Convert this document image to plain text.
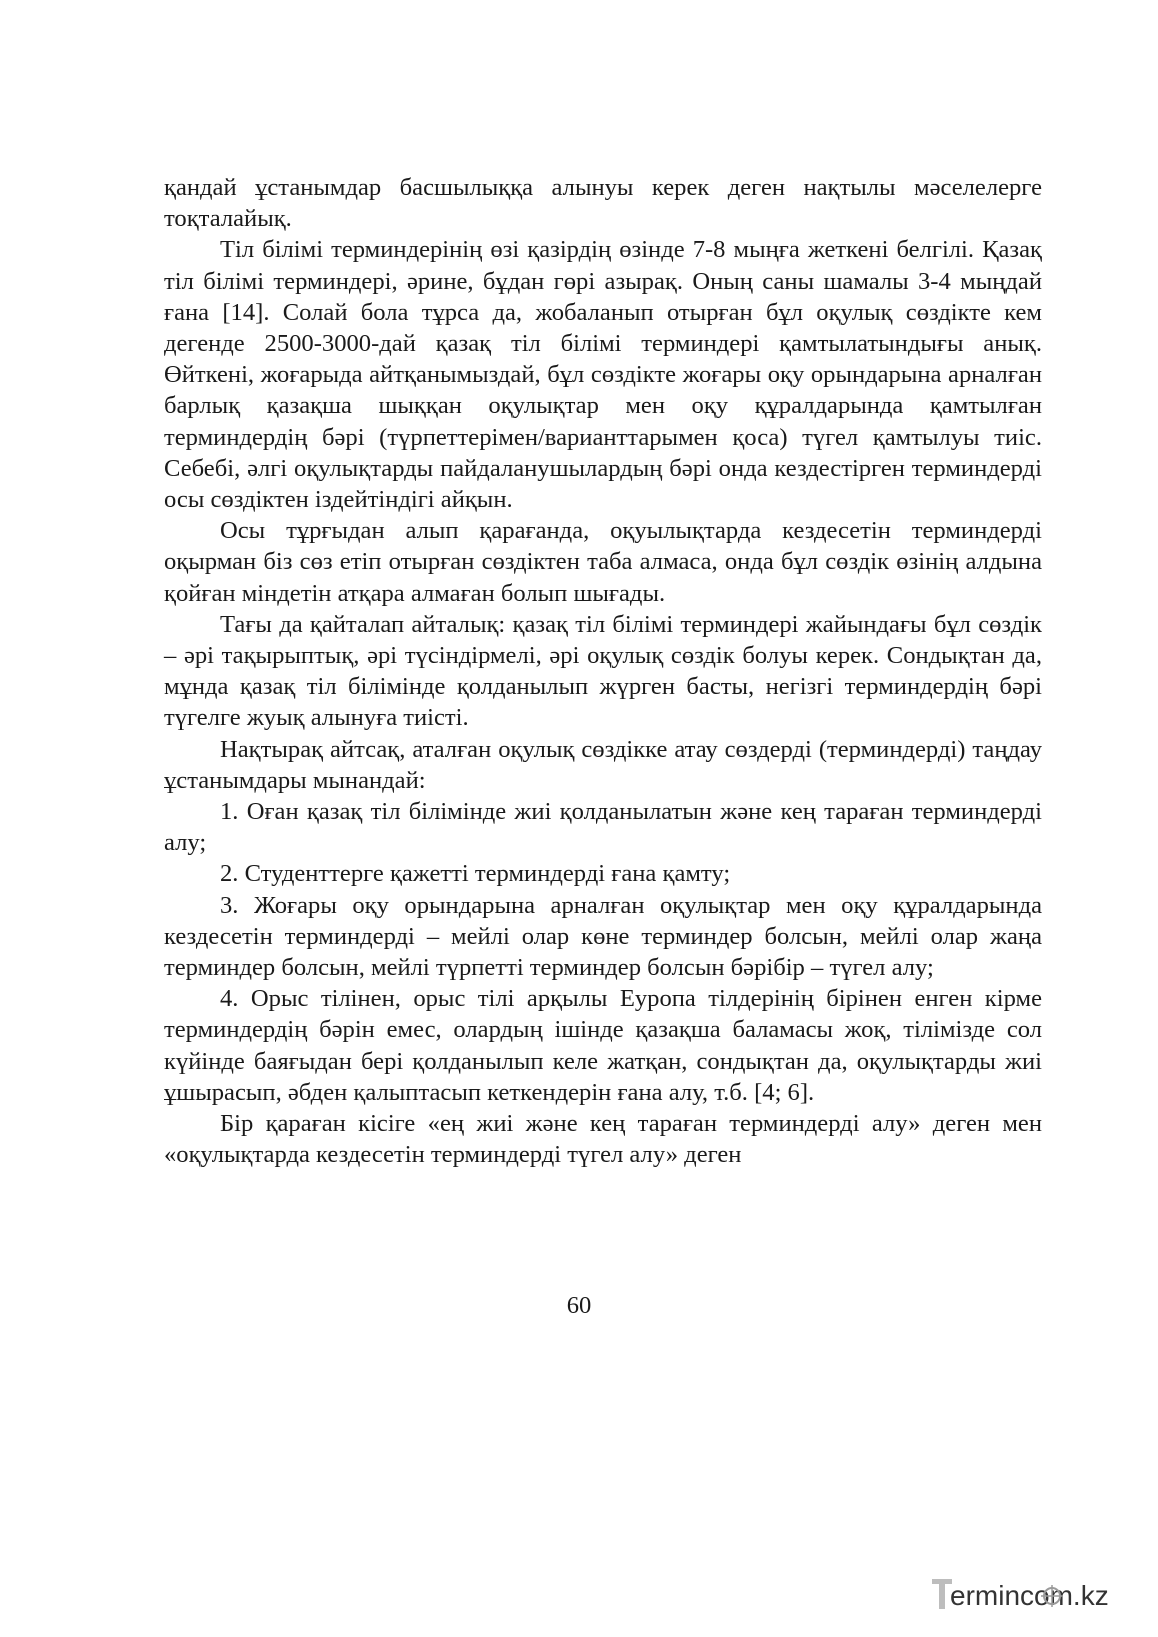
қандай ұстанымдар басшылыққа алынуы керек деген нақтылы мәселелерге тоқталайық.

Тіл білімі терминдерінің өзі қазірдің өзінде 7-8 мыңға жеткені белгілі. Қазақ тіл білімі терминдері, әрине, бұдан гөрі азырақ. Оның саны шамалы 3-4 мыңдай ғана [14]. Солай бола тұрса да, жобаланып отырған бұл оқулық сөздікте кем дегенде 2500-3000-дай қазақ тіл білімі терминдері қамтылатындығы анық. Өйткені, жоғарыда айтқанымыздай, бұл сөздікте жоғары оқу орындарына арналған барлық қазақша шыққан оқулықтар мен оқу құралдарында қамтылған терминдердің бәрі (түрпеттерімен/варианттарымен қоса) түгел қамтылуы тиіс. Себебі, әлгі оқулықтарды пайдаланушылардың бәрі онда кездестірген терминдерді осы сөздіктен іздейтіндігі айқын.

Осы тұрғыдан алып қарағанда, оқуылықтарда кездесетін терминдерді оқырман біз сөз етіп отырған сөздіктен таба алмаса, онда бұл сөздік өзінің алдына қойған міндетін атқара алмаған болып шығады.

Тағы да қайталап айталық: қазақ тіл білімі терминдері жайындағы бұл сөздік – әрі тақырыптық, әрі түсіндірмелі, әрі оқулық сөздік болуы керек. Сондықтан да, мұнда қазақ тіл білімінде қолданылып жүрген басты, негізгі терминдердің бәрі түгелге жуық алынуға тиісті.

Нақтырақ айтсақ, аталған оқулық сөздікке атау сөздерді (терминдерді) таңдау ұстанымдары мынандай:

1. Оған қазақ тіл білімінде жиі қолданылатын және кең тараған терминдерді алу;

2. Студенттерге қажетті терминдерді ғана қамту;

3. Жоғары оқу орындарына арналған оқулықтар мен оқу құралдарында кездесетін терминдерді – мейлі олар көне терминдер болсын, мейлі олар жаңа терминдер болсын, мейлі түрпетті терминдер болсын бәрібір – түгел алу;

4. Орыс тілінен, орыс тілі арқылы Еуропа тілдерінің бірінен енген кірме терминдердің бәрін емес, олардың ішінде қазақша баламасы жоқ, тілімізде сол күйінде баяғыдан бері қолданылып келе жатқан, сондықтан да, оқулықтарды жиі ұшырасып, әбден қалыптасып кеткендерін ғана алу, т.б. [4; 6].

Бір қараған кісіге «ең жиі және кең тараған терминдерді алу» деген мен «оқулықтарда кездесетін терминдерді түгел алу» деген

60
ermincom.kz
